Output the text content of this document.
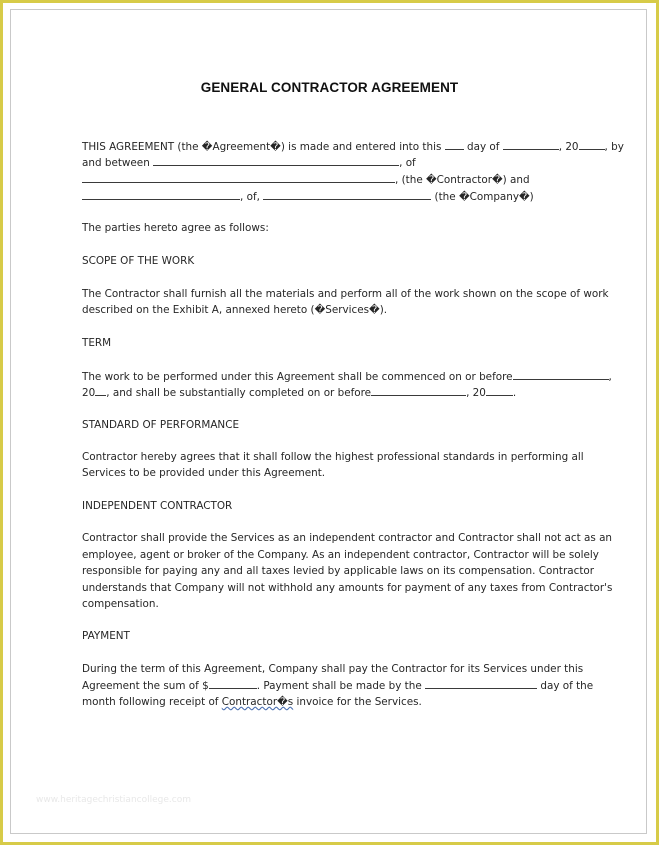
GENERAL CONTRACTOR AGREEMENT
THIS AGREEMENT (the �Agreement�) is made and entered into this  day of	, 20	, by
and between	, of
, (the �Contractor�) and
, of,	(the �Company�)
The parties hereto agree as follows:
SCOPE OF THE WORK
The Contractor shall furnish all the materials and perform all of the work shown on the scope of work
described on the Exhibit A, annexed hereto (�Services�).
TERM
The work to be performed under this Agreement shall be commenced on or before	,
20 , and shall be substantially completed on or before	, 20	.
STANDARD OF PERFORMANCE
Contractor hereby agrees that it shall follow the highest professional standards in performing all
Services to be provided under this Agreement.
INDEPENDENT CONTRACTOR
Contractor shall provide the Services as an independent contractor and Contractor shall not act as an
employee, agent or broker of the Company. As an independent contractor, Contractor will be solely
responsible for paying any and all taxes levied by applicable laws on its compensation. Contractor
understands that Company will not withhold any amounts for payment of any taxes from Contractor's
compensation.
PAYMENT
During the term of this Agreement, Company shall pay the Contractor for its Services under this
Agreement the sum of $	. Payment shall be made by the	day of the
month following receipt of Contractor�s invoice for the Services.
www.heritagechristiancollege.com
